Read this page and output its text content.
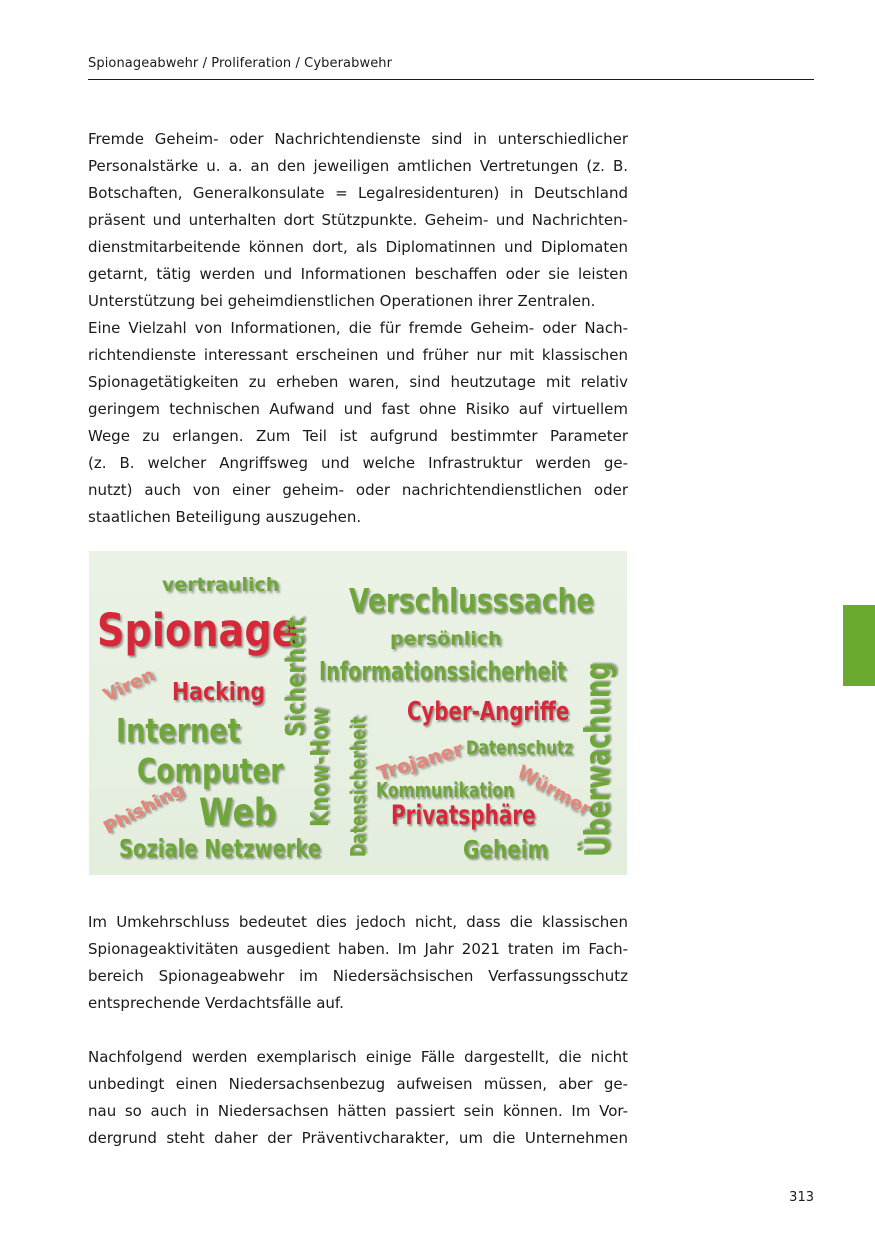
Spionageabwehr / Proliferation / Cyberabwehr
Fremde Geheim- oder Nachrichtendienste sind in unterschiedlicher
Personalstärke u. a. an den jeweiligen amtlichen Vertretungen (z. B.
Botschaften, Generalkonsulate = Legalresidenturen) in Deutschland
präsent und unterhalten dort Stützpunkte. Geheim- und Nachrichten-
dienstmitarbeitende können dort, als Diplomatinnen und Diplomaten
getarnt, tätig werden und Informationen beschaffen oder sie leisten
Unterstützung bei geheimdienstlichen Operationen ihrer Zentralen.
Eine Vielzahl von Informationen, die für fremde Geheim- oder Nach-
richtendienste interessant erscheinen und früher nur mit klassischen
Spionagetätigkeiten zu erheben waren, sind heutzutage mit relativ
geringem technischen Aufwand und fast ohne Risiko auf virtuellem
Wege zu erlangen. Zum Teil ist aufgrund bestimmter Parameter
(z. B. welcher Angriffsweg und welche Infrastruktur werden ge-
nutzt) auch von einer geheim- oder nachrichtendienstlichen oder
staatlichen Beteiligung auszugehen.
vertraulich Verschlusssache
Spionage
Sicherheit	persönlich
Informationssicherheit
Viren Hacking	Überwachung
Internet	Know-How Datensicherheit
Cyber-Angriffe
Trojaner Datenschutz
Computer	Würmer
Kommunikation
Phishing Web	Privatsphäre
Soziale Netzwerke	Geheim
Im Umkehrschluss bedeutet dies jedoch nicht, dass die klassischen
Spionageaktivitäten ausgedient haben. Im Jahr 2021 traten im Fach-
bereich Spionageabwehr im Niedersächsischen Verfassungsschutz
entsprechende Verdachtsfälle auf.
Nachfolgend werden exemplarisch einige Fälle dargestellt, die nicht
unbedingt einen Niedersachsenbezug aufweisen müssen, aber ge-
nau so auch in Niedersachsen hätten passiert sein können. Im Vor-
dergrund steht daher der Präventivcharakter, um die Unternehmen
313
